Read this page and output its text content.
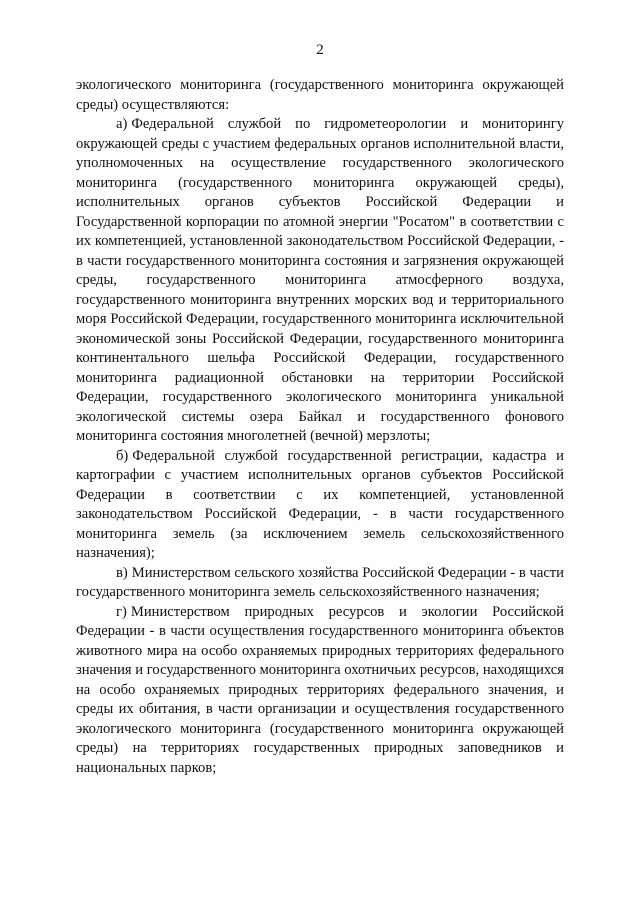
2

экологического мониторинга (государственного мониторинга окружающей среды) осуществляются:

а) Федеральной службой по гидрометеорологии и мониторингу окружающей среды с участием федеральных органов исполнительной власти, уполномоченных на осуществление государственного экологического мониторинга (государственного мониторинга окружающей среды), исполнительных органов субъектов Российской Федерации и Государственной корпорации по атомной энергии "Росатом" в соответствии с их компетенцией, установленной законодательством Российской Федерации, - в части государственного мониторинга состояния и загрязнения окружающей среды, государственного мониторинга атмосферного воздуха, государственного мониторинга внутренних морских вод и территориального моря Российской Федерации, государственного мониторинга исключительной экономической зоны Российской Федерации, государственного мониторинга континентального шельфа Российской Федерации, государственного мониторинга радиационной обстановки на территории Российской Федерации, государственного экологического мониторинга уникальной экологической системы озера Байкал и государственного фонового мониторинга состояния многолетней (вечной) мерзлоты;

б) Федеральной службой государственной регистрации, кадастра и картографии с участием исполнительных органов субъектов Российской Федерации в соответствии с их компетенцией, установленной законодательством Российской Федерации, - в части государственного мониторинга земель (за исключением земель сельскохозяйственного назначения);

в) Министерством сельского хозяйства Российской Федерации - в части государственного мониторинга земель сельскохозяйственного назначения;

г) Министерством природных ресурсов и экологии Российской Федерации - в части осуществления государственного мониторинга объектов животного мира на особо охраняемых природных территориях федерального значения и государственного мониторинга охотничьих ресурсов, находящихся на особо охраняемых природных территориях федерального значения, и среды их обитания, в части организации и осуществления государственного экологического мониторинга (государственного мониторинга окружающей среды) на территориях государственных природных заповедников и национальных парков;
